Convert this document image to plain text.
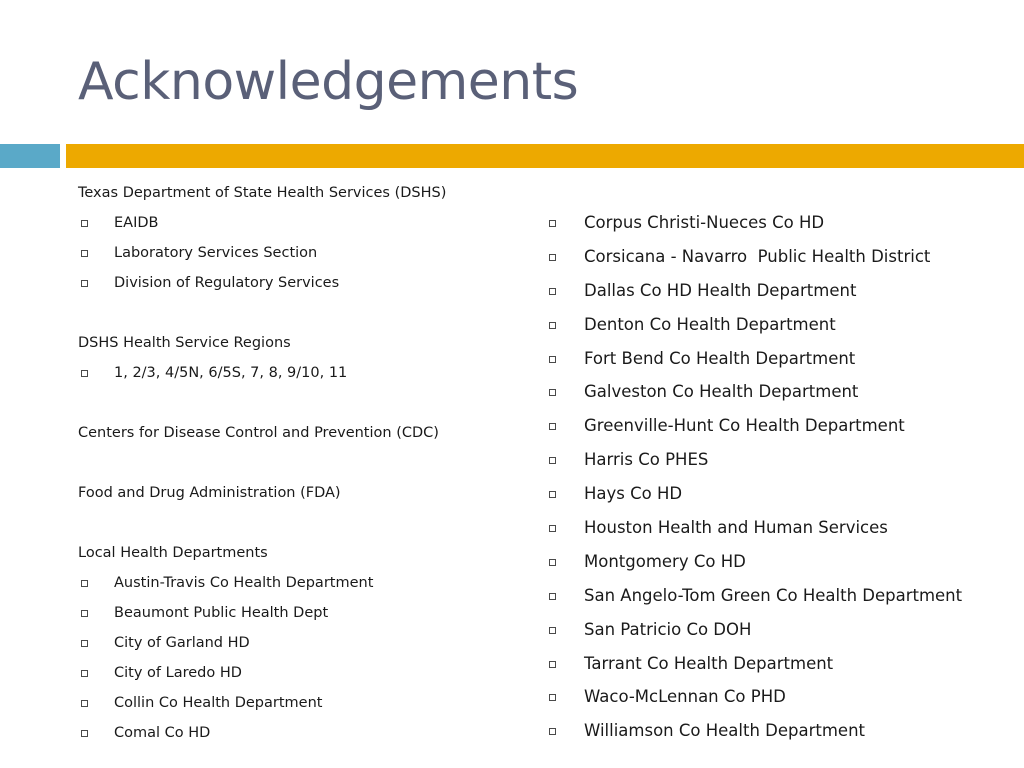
Acknowledgements
Texas Department of State Health Services (DSHS)
EAIDB
Laboratory Services Section
Division of Regulatory Services
DSHS Health Service Regions
1, 2/3, 4/5N, 6/5S, 7, 8, 9/10, 11
Centers for Disease Control and Prevention (CDC)
Food and Drug Administration (FDA)
Local Health Departments
Austin-Travis Co Health Department
Beaumont Public Health Dept
City of Garland HD
City of Laredo HD
Collin Co Health Department
Comal Co HD
Corpus Christi-Nueces Co HD
Corsicana - Navarro  Public Health District
Dallas Co HD Health Department
Denton Co Health Department
Fort Bend Co Health Department
Galveston Co Health Department
Greenville-Hunt Co Health Department
Harris Co PHES
Hays Co HD
Houston Health and Human Services
Montgomery Co HD
San Angelo-Tom Green Co Health Department
San Patricio Co DOH
Tarrant Co Health Department
Waco-McLennan Co PHD
Williamson Co Health Department
